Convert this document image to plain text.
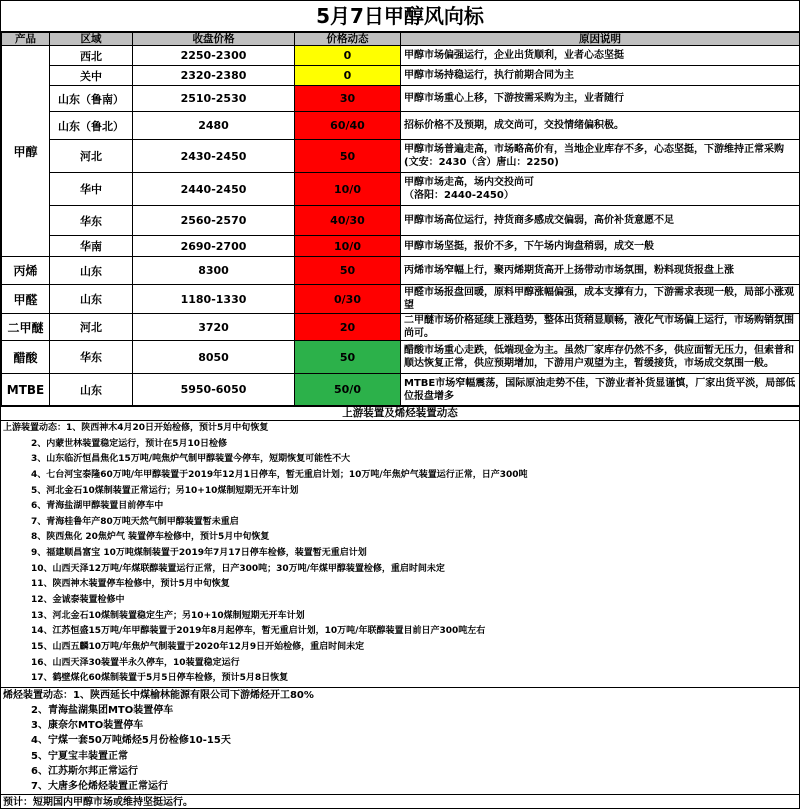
5月7日甲醇风向标
产品	区域	收盘价格	价格动态	原因说明
甲醇	西北	2250-2300	0	甲醇市场偏强运行，企业出货顺利，业者心态坚挺

	关中	2320-2380	0	甲醇市场持稳运行，执行前期合同为主

	山东（鲁南）	2510-2530	30	甲醇市场重心上移，下游按需采购为主，业者随行

	山东（鲁北）	2480	60/40	招标价格不及预期，成交尚可，交投情绪偏积极。

	河北	2430-2450	50	甲醇市场普遍走高，市场略高价有，当地企业库存不多，心态坚挺，下游维持正常采购
(文安：2430（含）唐山：2250)

	华中	2440-2450	10/0	甲醇市场走高，场内交投尚可
（洛阳：2440-2450）

	华东	2560-2570	40/30	甲醇市场高位运行，持货商多感成交偏弱，高价补货意愿不足

	华南	2690-2700	10/0	甲醇市场坚挺，报价不多，下午场内询盘稍弱，成交一般

丙烯	山东	8300	50	丙烯市场窄幅上行，聚丙烯期货高开上扬带动市场氛围，粉料现货报盘上涨

甲醛	山东	1180-1330	0/30	甲醛市场报盘回暖，原料甲醇涨幅偏强，成本支撑有力，下游需求表现一般，局部小涨观望

二甲醚	河北	3720	20	二甲醚市场价格延续上涨趋势，整体出货稍显顺畅，液化气市场偏上运行，市场购销氛围尚可。

醋酸	华东	8050	50	醋酸市场重心走跌，低端现金为主。虽然厂家库存仍然不多，供应面暂无压力，但索普和顺达恢复正常，供应预期增加，下游用户观望为主，暂缓接货，市场成交氛围一般。

MTBE	山东	5950-6050	50/0	MTBE市场窄幅震荡，国际原油走势不佳，下游业者补货显谨慎，厂家出货平淡，局部低位报盘增多
上游装置及烯烃装置动态
上游装置动态：1、陕西神木4月20日开始检修，预计5月中旬恢复
2、内蒙世林装置稳定运行，预计在5月10日检修
3、山东临沂恒昌焦化15万吨/吨焦炉气制甲醇装置今停车，短期恢复可能性不大
4、七台河宝泰隆60万吨/年甲醇装置于2019年12月1日停车，暂无重启计划；10万吨/年焦炉气装置运行正常，日产300吨
5、河北金石10煤制装置正常运行；另10+10煤制短期无开车计划
6、青海盐湖甲醇装置目前停车中
7、青海桂鲁年产80万吨天然气制甲醇装置暂未重启
8、陕西焦化 20焦炉气 装置停车检修中，预计5月中旬恢复
9、福建顺昌富宝 10万吨煤制装置于2019年7月17日停车检修，装置暂无重启计划
10、山西天泽12万吨/年煤联醇装置运行正常，日产300吨；30万吨/年煤甲醇装置检修，重启时间未定
11、陕西神木装置停车检修中，预计5月中旬恢复
12、金诚泰装置检修中
13、河北金石10煤制装置稳定生产；另10+10煤制短期无开车计划
14、江苏恒盛15万吨/年甲醇装置于2019年8月起停车，暂无重启计划，10万吨/年联醇装置目前日产300吨左右
15、山西五麟10万吨/年焦炉气制装置于2020年12月9日开始检修，重启时间未定
16、山西天泽30装置半永久停车，10装置稳定运行
17、鹤壁煤化60煤制装置于5月5日停车检修，预计5月8日恢复
烯烃装置动态：1、陕西延长中煤榆林能源有限公司下游烯烃开工80%
2、青海盐湖集团MTO装置停车
3、康奈尔MTO装置停车
4、宁煤一套50万吨烯烃5月份检修10-15天
5、宁夏宝丰装置正常
6、江苏斯尔邦正常运行
7、大唐多伦烯烃装置正常运行
预计：短期国内甲醇市场或维持坚挺运行。
